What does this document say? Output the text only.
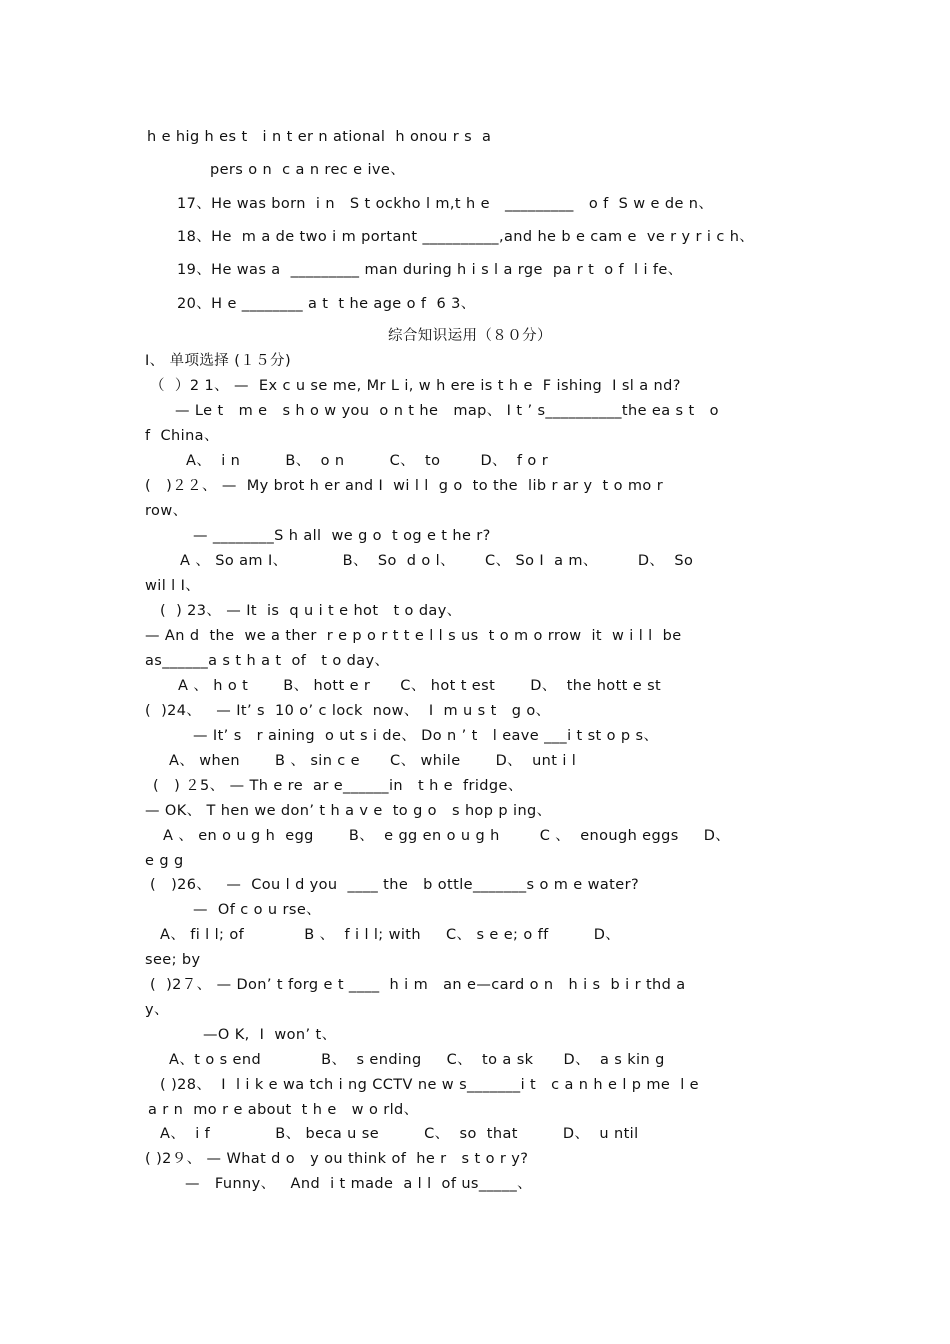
h e hig h es t   i n t er n ational  h onou r s  a
pers o n  c a n rec e ive、
17、He was born  i n   S t ockho l m,t h e   _________   o f  S w e de n、
18、He  m a de two i m portant __________,and he b e cam e  ve r y r i c h、
19、He was a  _________ man during h i s l a rge  pa r t  o f  l i fe、
20、H e ________ a t  t he age o f  6 3、
综合知识运用（８０分）
Ⅰ、 单项选择 (１５分)
（  ）2 1、 —  Ex c u se me, Mr L i, w h ere is t h e  F ishing  I sl a nd?
— Le t   m e   s h o w you  o n t he   map、 I t ’ s__________the ea s t   o
f  China、
A、  i n         B、  o n         C、  to        D、  f o r
(   )２２、 —  My brot h er and I  wi l l  g o  to the  lib r ar y  t o mo r
row、
— ________S h all  we g o  t og e t he r?
A 、 So am I、           B、  So  d o l、      C、 So I  a m、        D、  So
wil l I、
(  ) 23、 — It  is  q u i t e hot   t o day、
— An d  the  we a ther  r e p o r t t e l l s us  t o m o rrow  it  w i l l  be
as______a s t h a t  of   t o day、
A 、 h o t       B、 hott e r      C、 hot t est       D、  the hott e st
(  )24、   — It’ s  10 o’ c lock  now、  I  m u s t   g o、
— It’ s   r aining  o ut s i de、 Do n ’ t   l eave ___i t st o p s、
A、 when       B 、 sin c e      C、 while       D、  unt i l
(   ) ２5、 — Th e re  ar e______in   t h e  fridge、
— OK、 T hen we don’ t h a v e  to g o   s hop p ing、
A 、 en o u g h  egg       B、  e gg en o u g h        C 、  enough eggs     D、
e g g
(   )26、   —  Cou l d you  ____ the   b ottle_______s o m e water?
—  Of c o u rse、
A、 fi l l; of            B 、  f i l l; with     C、 s e e; o ff         D、
see; by
(  )2７、 — Don’ t forg e t ____  h i m   an e—card o n   h i s  b i r thd a
y、
—O K,  I  won’ t、
A、t o s end            B、  s ending     C、  to a sk      D、  a s kin g
( )28、  I  l i k e wa tch i ng CCTV ne w s_______i t   c a n h e l p me  l e
a r n  mo r e about  t h e   w o rld、
A、  i f             B、 beca u se         C、  so  that         D、  u ntil
( )2９、 — What d o   y ou think of  he r   s t o r y?
—   Funny、   And  i t made  a l l  of us_____、
